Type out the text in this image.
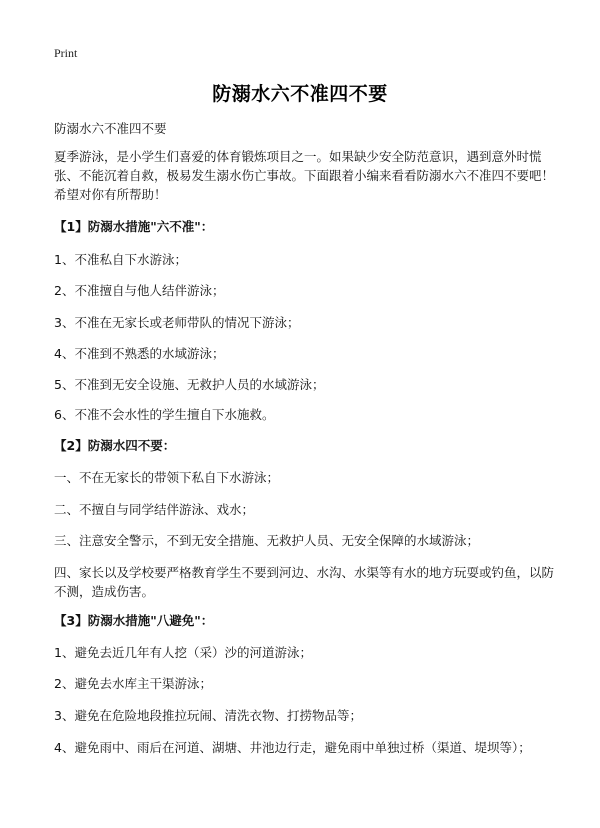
Print
防溺水六不准四不要
防溺水六不准四不要
夏季游泳，是小学生们喜爱的体育锻炼项目之一。如果缺少安全防范意识，遇到意外时慌张、不能沉着自救，极易发生溺水伤亡事故。下面跟着小编来看看防溺水六不准四不要吧！希望对你有所帮助！
【1】防溺水措施"六不准"：
1、不准私自下水游泳；
2、不准擅自与他人结伴游泳；
3、不准在无家长或老师带队的情况下游泳；
4、不准到不熟悉的水域游泳；
5、不准到无安全设施、无救护人员的水域游泳；
6、不准不会水性的学生擅自下水施救。
【2】防溺水四不要：
一、不在无家长的带领下私自下水游泳；
二、不擅自与同学结伴游泳、戏水；
三、注意安全警示，不到无安全措施、无救护人员、无安全保障的水域游泳；
四、家长以及学校要严格教育学生不要到河边、水沟、水渠等有水的地方玩耍或钓鱼，以防不测，造成伤害。
【3】防溺水措施"八避免"：
1、避免去近几年有人挖（采）沙的河道游泳；
2、避免去水库主干渠游泳；
3、避免在危险地段推拉玩闹、清洗衣物、打捞物品等；
4、避免雨中、雨后在河道、湖塘、井池边行走，避免雨中单独过桥（渠道、堤坝等）；
